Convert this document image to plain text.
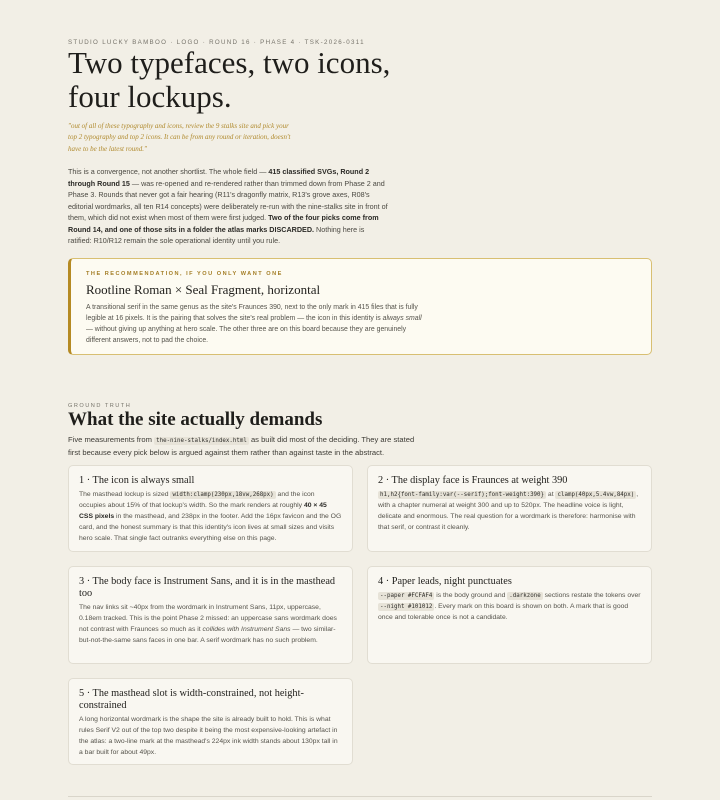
STUDIO LUCKY BAMBOO · LOGO · ROUND 16 · PHASE 4 · TSK-2026-0311
Two typefaces, two icons, four lockups.

"out of all of these typography and icons, review the 9 stalks site and pick your top 2 typography and top 2 icons. It can be from any round or iteration, doesn't have to be the latest round."

This is a convergence, not another shortlist. The whole field — 415 classified SVGs, Round 2 through Round 15 — was re-opened and re-rendered rather than trimmed down from Phase 2 and Phase 3. Rounds that never got a fair hearing (R11's dragonfly matrix, R13's grove axes, R08's editorial wordmarks, all ten R14 concepts) were deliberately re-run with the nine-stalks site in front of them, which did not exist when most of them were first judged. Two of the four picks come from Round 14, and one of those sits in a folder the atlas marks DISCARDED. Nothing here is ratified: R10/R12 remain the sole operational identity until you rule.

THE RECOMMENDATION, IF YOU ONLY WANT ONE
Rootline Roman × Seal Fragment, horizontal

A transitional serif in the same genus as the site's Fraunces 390, next to the only mark in 415 files that is fully legible at 16 pixels. It is the pairing that solves the site's real problem — the icon in this identity is always small — without giving up anything at hero scale. The other three are on this board because they are genuinely different answers, not to pad the choice.

GROUND TRUTH
What the site actually demands

Five measurements from the-nine-stalks/index.html as built did most of the deciding. They are stated first because every pick below is argued against them rather than against taste in the abstract.

1 · The icon is always small

The masthead lockup is sized width:clamp(230px,18vw,268px) and the icon occupies about 15% of that lockup's width. So the mark renders at roughly 40 × 45 CSS pixels in the masthead, and 238px in the footer. Add the 16px favicon and the OG card, and the honest summary is that this identity's icon lives at small sizes and visits hero scale. That single fact outranks everything else on this page.

2 · The display face is Fraunces at weight 390

h1,h2{font-family:var(--serif);font-weight:390} at clamp(40px,5.4vw,84px) , with a chapter numeral at weight 300 and up to 520px. The headline voice is light, delicate and enormous. The real question for a wordmark is therefore: harmonise with that serif, or contrast it cleanly.

3 · The body face is Instrument Sans, and it is in the masthead too

The nav links sit ~40px from the wordmark in Instrument Sans, 11px, uppercase, 0.18em tracked. This is the point Phase 2 missed: an uppercase sans wordmark does not contrast with Fraunces so much as it collides with Instrument Sans — two similar-but-not-the-same sans faces in one bar. A serif wordmark has no such problem.

4 · Paper leads, night punctuates

--paper #FCFAF4 is the body ground and .darkzone sections restate the tokens over --night #101012 . Every mark on this board is shown on both. A mark that is good once and tolerable once is not a candidate.

5 · The masthead slot is width-constrained, not height-constrained

A long horizontal wordmark is the shape the site is already built to hold. This is what rules Serif V2 out of the top two despite it being the most expensive-looking artefact in the atlas: a two-line mark at the masthead's 224px ink width stands about 130px tall in a bar built for about 49px.
